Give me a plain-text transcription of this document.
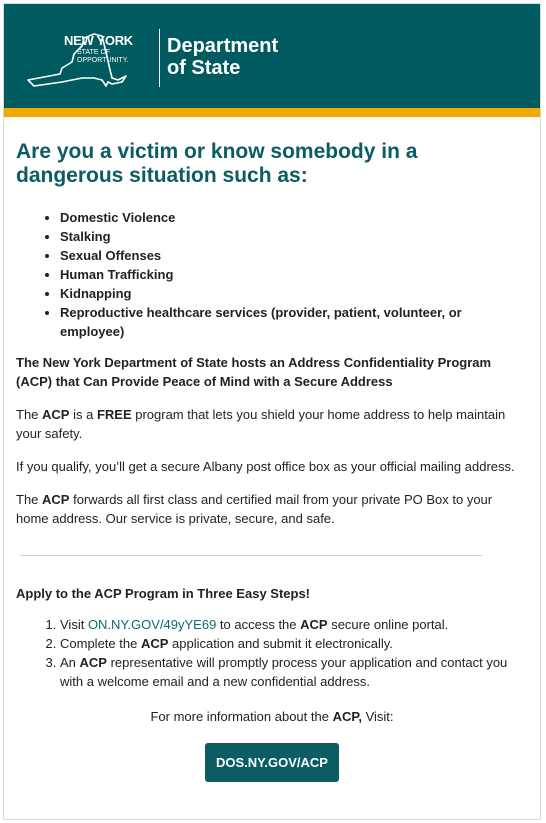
NEW YORK
STATE OF
OPPORTUNITY.
Department
of State
Are you a victim or know somebody in a dangerous situation such as:
• Domestic Violence
• Stalking
• Sexual Offenses
• Human Trafficking
• Kidnapping
• Reproductive healthcare services (provider, patient, volunteer, or employee)

The New York Department of State hosts an Address Confidentiality Program (ACP) that Can Provide Peace of Mind with a Secure Address

The ACP is a FREE program that lets you shield your home address to help maintain your safety.

If you qualify, you’ll get a secure Albany post office box as your official mailing address.

The ACP forwards all first class and certified mail from your private PO Box to your home address. Our service is private, secure, and safe.

Apply to the ACP Program in Three Easy Steps!
1. Visit ON.NY.GOV/49yYE69 to access the ACP secure online portal.
2. Complete the ACP application and submit it electronically.
3. An ACP representative will promptly process your application and contact you with a welcome email and a new confidential address.

For more information about the ACP, Visit:

DOS.NY.GOV/ACP
